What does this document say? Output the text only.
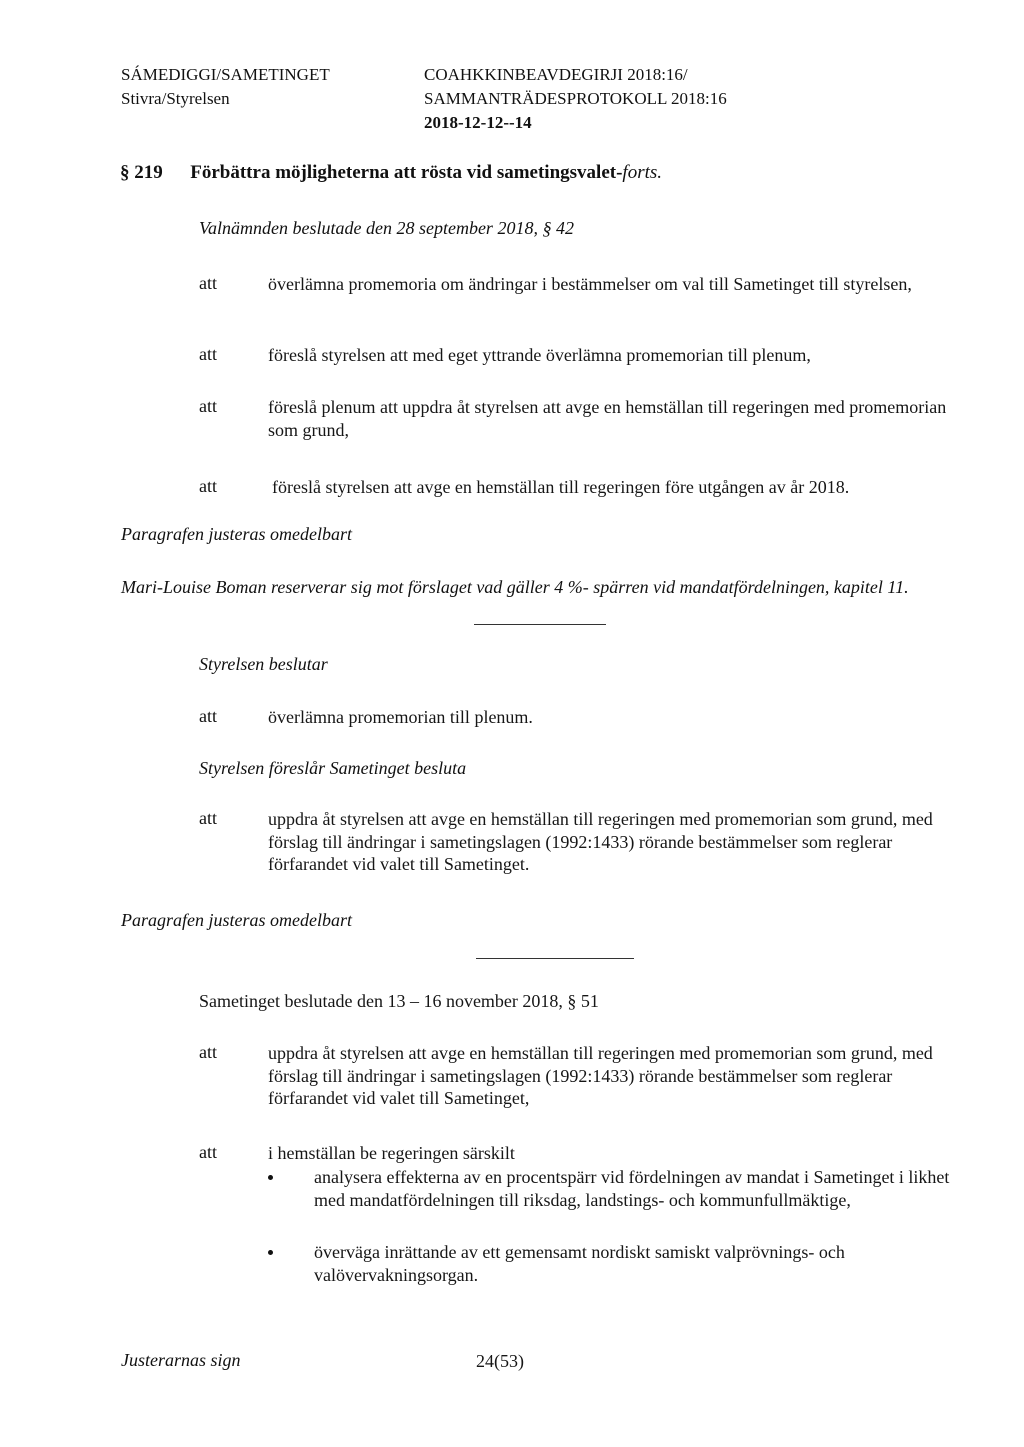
SÁMEDIGGI/SAMETINGET
Stivra/Styrelsen
COAHKKINBEAVDEGIRJI 2018:16/
SAMMANTRÄDESPROTOKOLL 2018:16
2018-12-12--14
§ 219 Förbättra möjligheterna att rösta vid sametingsvalet-forts.
Valnämnden beslutade den 28 september 2018, § 42
att	överlämna promemoria om ändringar i bestämmelser om val till Sametinget till styrelsen,
att	föreslå styrelsen att med eget yttrande överlämna promemorian till plenum,
att	föreslå plenum att uppdra åt styrelsen att avge en hemställan till regeringen med promemorian som grund,
att	föreslå styrelsen att avge en hemställan till regeringen före utgången av år 2018.
Paragrafen justeras omedelbart
Mari-Louise Boman reserverar sig mot förslaget vad gäller 4 %- spärren vid mandatfördelningen, kapitel 11.
Styrelsen beslutar
att	överlämna promemorian till plenum.
Styrelsen föreslår Sametinget besluta
att	uppdra åt styrelsen att avge en hemställan till regeringen med promemorian som grund, med förslag till ändringar i sametingslagen (1992:1433) rörande bestämmelser som reglerar förfarandet vid valet till Sametinget.
Paragrafen justeras omedelbart
Sametinget beslutade den 13 – 16 november 2018, § 51
att	uppdra åt styrelsen att avge en hemställan till regeringen med promemorian som grund, med förslag till ändringar i sametingslagen (1992:1433) rörande bestämmelser som reglerar förfarandet vid valet till Sametinget,
att	i hemställan be regeringen särskilt
analysera effekterna av en procentspärr vid fördelningen av mandat i Sametinget i likhet med mandatfördelningen till riksdag, landstings- och kommunfullmäktige,
överväga inrättande av ett gemensamt nordiskt samiskt valprövnings- och valövervakningsorgan.
Justerarnas sign	24(53)
